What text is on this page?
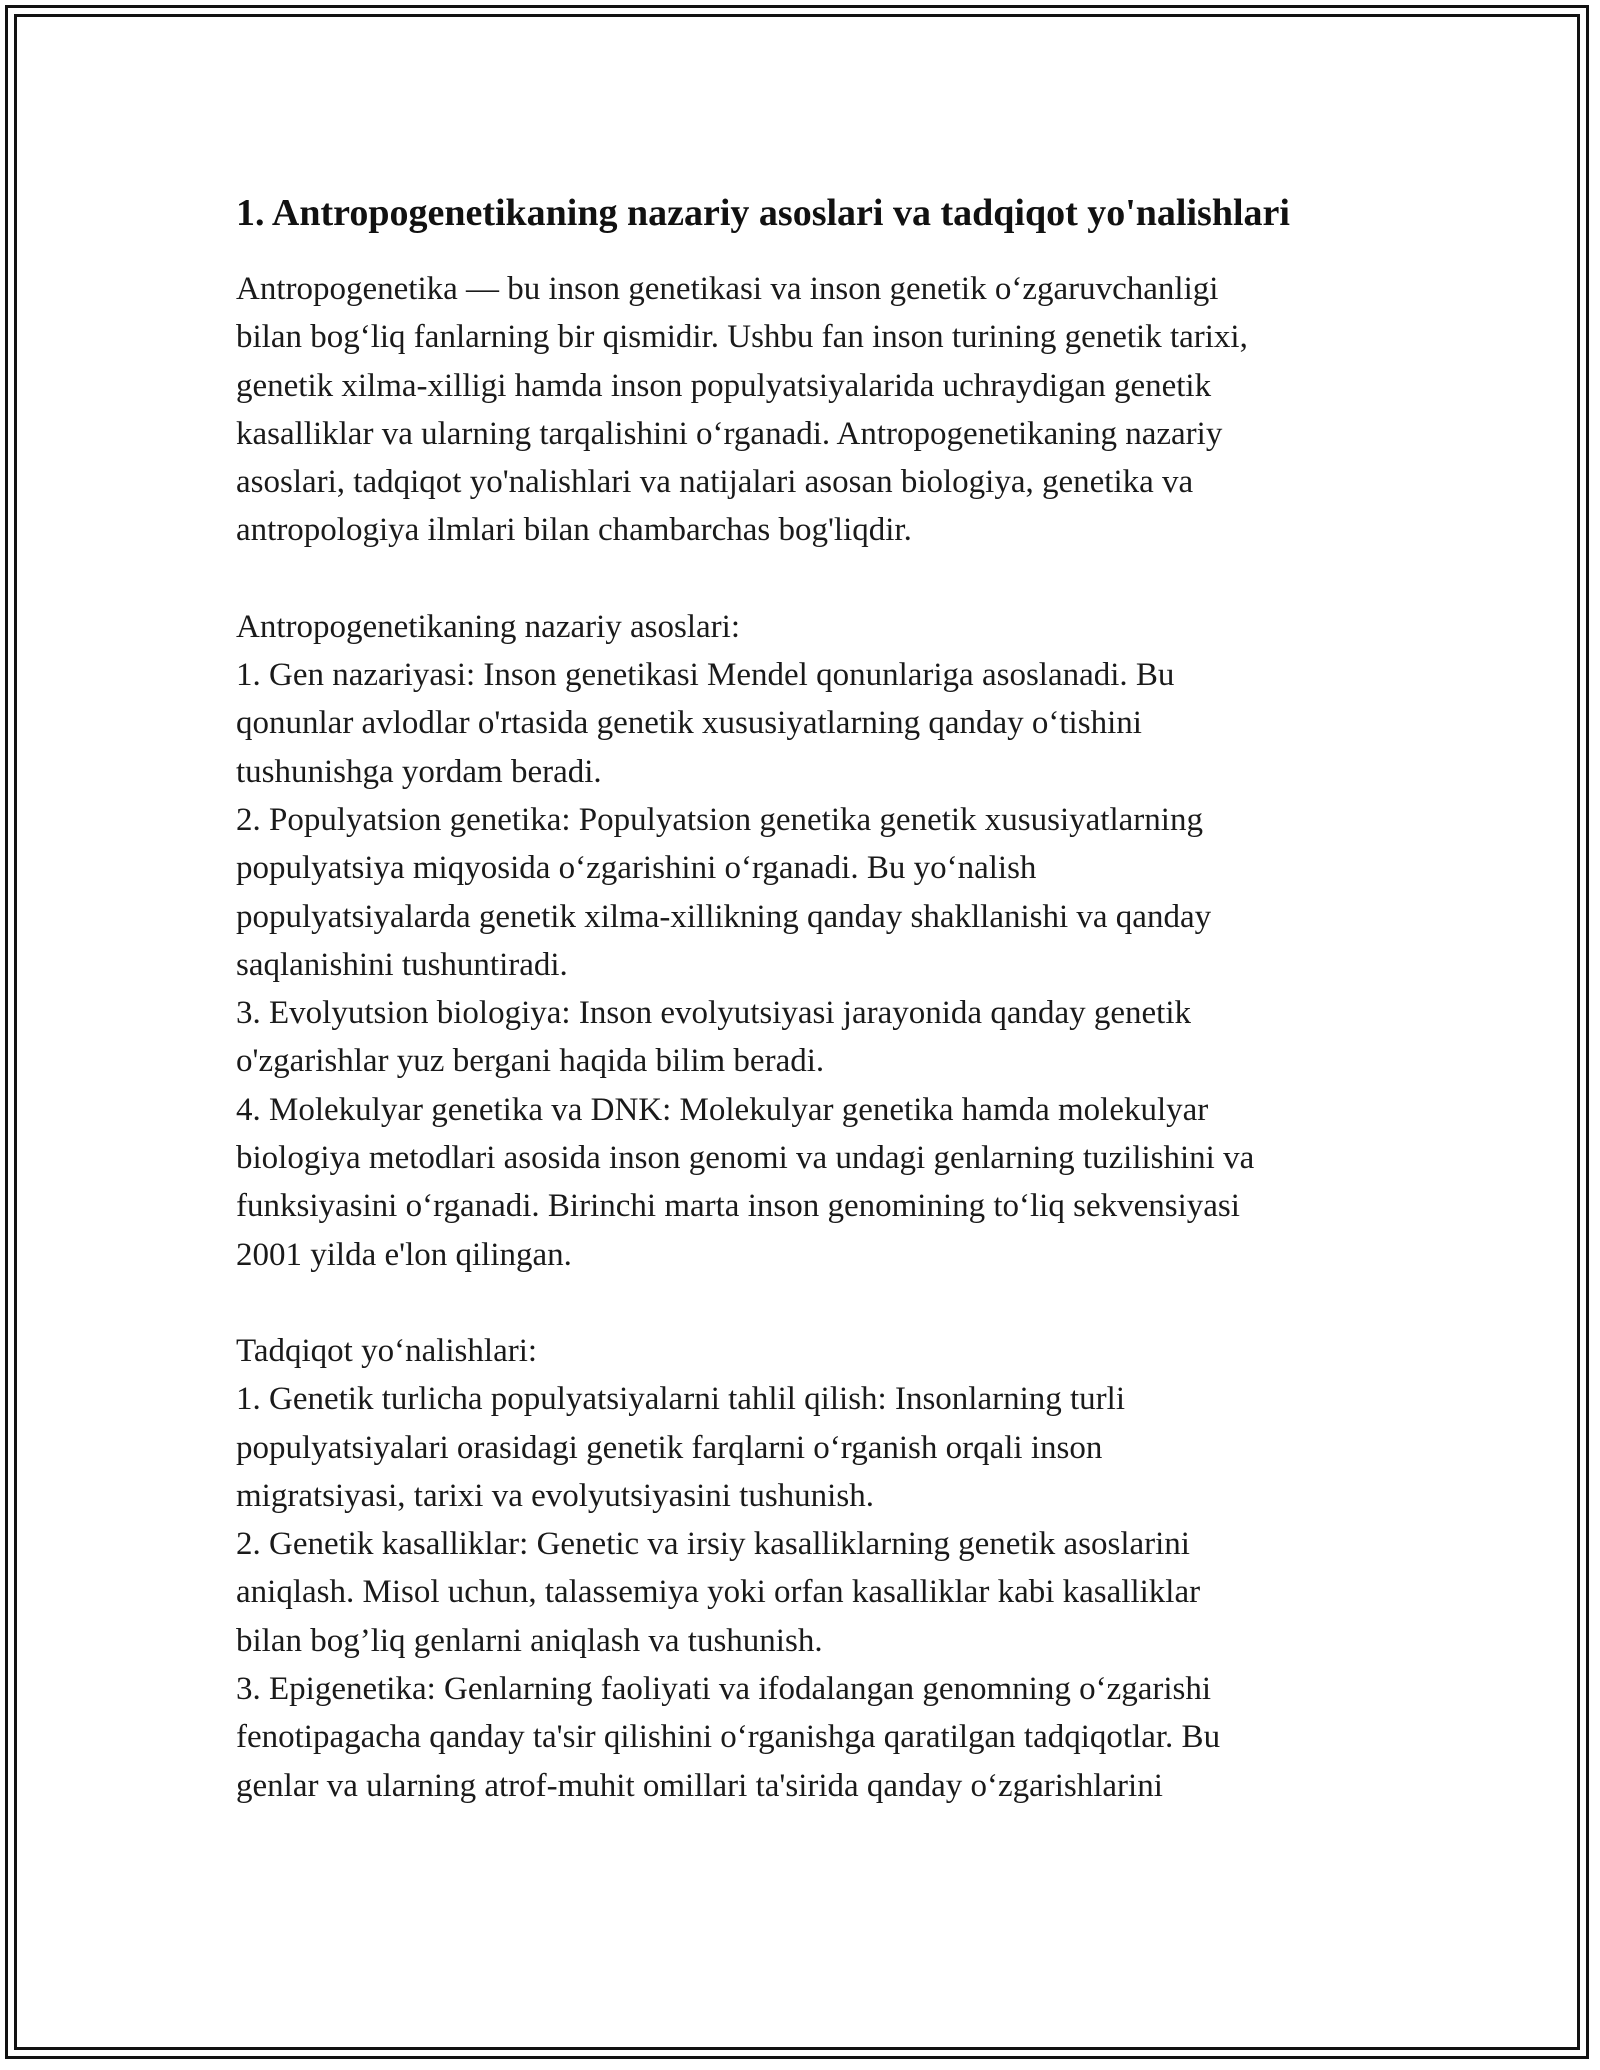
1. Antropogenetikaning nazariy asoslari va tadqiqot yo'nalishlari

Antropogenetika — bu inson genetikasi va inson genetik o‘zgaruvchanligi
bilan bog‘liq fanlarning bir qismidir. Ushbu fan inson turining genetik tarixi,
genetik xilma-xilligi hamda inson populyatsiyalarida uchraydigan genetik
kasalliklar va ularning tarqalishini o‘rganadi. Antropogenetikaning nazariy
asoslari, tadqiqot yo'nalishlari va natijalari asosan biologiya, genetika va
antropologiya ilmlari bilan chambarchas bog'liqdir.

Antropogenetikaning nazariy asoslari:

1. Gen nazariyasi: Inson genetikasi Mendel qonunlariga asoslanadi. Bu
qonunlar avlodlar o'rtasida genetik xususiyatlarning qanday o‘tishini
tushunishga yordam beradi.

2. Populyatsion genetika: Populyatsion genetika genetik xususiyatlarning
populyatsiya miqyosida o‘zgarishini o‘rganadi. Bu yo‘nalish
populyatsiyalarda genetik xilma-xillikning qanday shakllanishi va qanday
saqlanishini tushuntiradi.

3. Evolyutsion biologiya: Inson evolyutsiyasi jarayonida qanday genetik
o'zgarishlar yuz bergani haqida bilim beradi.

4. Molekulyar genetika va DNK: Molekulyar genetika hamda molekulyar
biologiya metodlari asosida inson genomi va undagi genlarning tuzilishini va
funksiyasini o‘rganadi. Birinchi marta inson genomining to‘liq sekvensiyasi
2001 yilda e'lon qilingan.

Tadqiqot yo‘nalishlari:

1. Genetik turlicha populyatsiyalarni tahlil qilish: Insonlarning turli
populyatsiyalari orasidagi genetik farqlarni o‘rganish orqali inson
migratsiyasi, tarixi va evolyutsiyasini tushunish.

2. Genetik kasalliklar: Genetic va irsiy kasalliklarning genetik asoslarini
aniqlash. Misol uchun, talassemiya yoki orfan kasalliklar kabi kasalliklar
bilan bog’liq genlarni aniqlash va tushunish.

3. Epigenetika: Genlarning faoliyati va ifodalangan genomning o‘zgarishi
fenotipagacha qanday ta'sir qilishini o‘rganishga qaratilgan tadqiqotlar. Bu
genlar va ularning atrof-muhit omillari ta'sirida qanday o‘zgarishlarini
